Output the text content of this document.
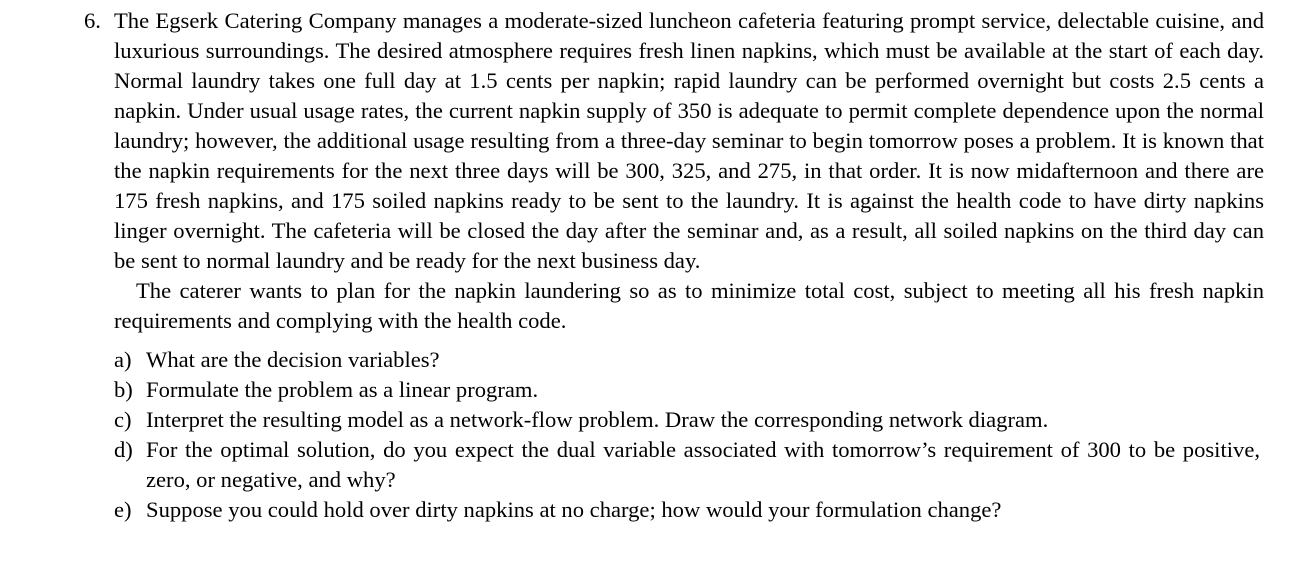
6. The Egserk Catering Company manages a moderate-sized luncheon cafeteria featuring prompt service, delectable cuisine, and luxurious surroundings. The desired atmosphere requires fresh linen napkins, which must be available at the start of each day. Normal laundry takes one full day at 1.5 cents per napkin; rapid laundry can be performed overnight but costs 2.5 cents a napkin. Under usual usage rates, the current napkin supply of 350 is adequate to permit complete dependence upon the normal laundry; however, the additional usage resulting from a three-day seminar to begin tomorrow poses a problem. It is known that the napkin requirements for the next three days will be 300, 325, and 275, in that order. It is now midafternoon and there are 175 fresh napkins, and 175 soiled napkins ready to be sent to the laundry. It is against the health code to have dirty napkins linger overnight. The cafeteria will be closed the day after the seminar and, as a result, all soiled napkins on the third day can be sent to normal laundry and be ready for the next business day.
The caterer wants to plan for the napkin laundering so as to minimize total cost, subject to meeting all his fresh napkin requirements and complying with the health code.
a) What are the decision variables?
b) Formulate the problem as a linear program.
c) Interpret the resulting model as a network-flow problem. Draw the corresponding network diagram.
d) For the optimal solution, do you expect the dual variable associated with tomorrow’s requirement of 300 to be positive, zero, or negative, and why?
e) Suppose you could hold over dirty napkins at no charge; how would your formulation change?
